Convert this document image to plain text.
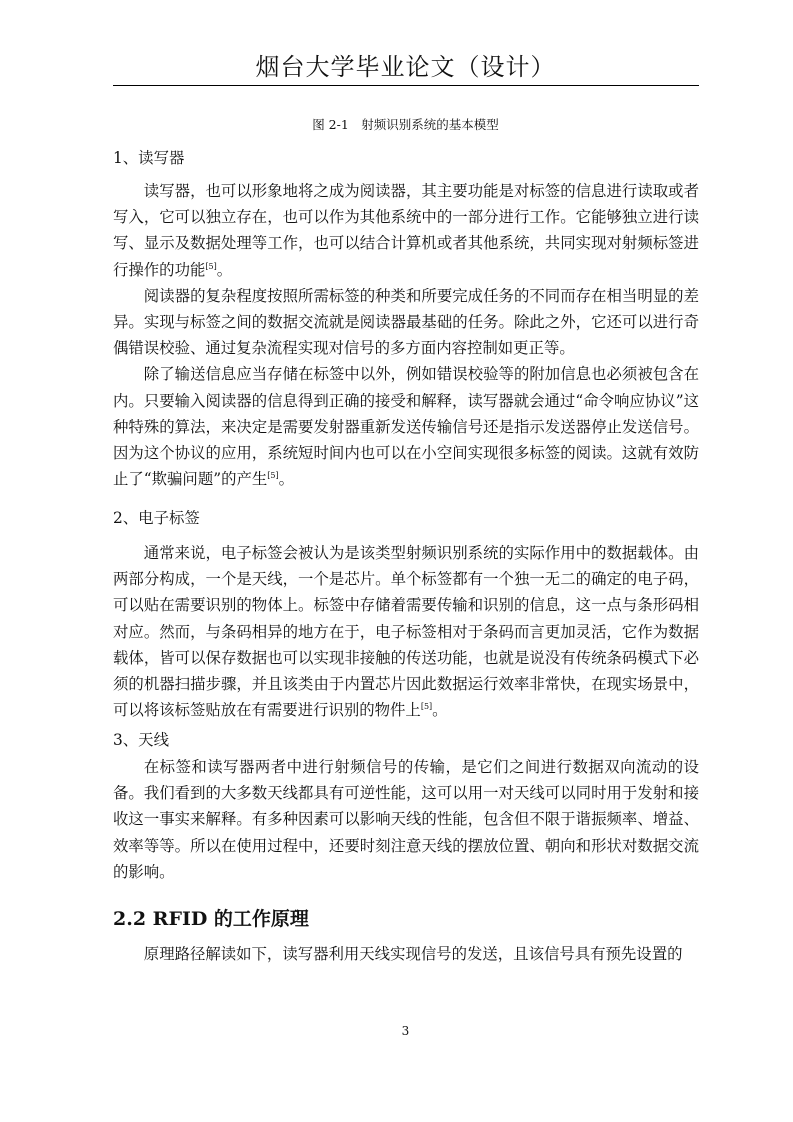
烟台大学毕业论文（设计）
图 2-1　射频识别系统的基本模型
1、读写器

读写器，也可以形象地将之成为阅读器，其主要功能是对标签的信息进行读取或者写入，它可以独立存在，也可以作为其他系统中的一部分进行工作。它能够独立进行读写、显示及数据处理等工作，也可以结合计算机或者其他系统，共同实现对射频标签进行操作的功能[5]。

阅读器的复杂程度按照所需标签的种类和所要完成任务的不同而存在相当明显的差异。实现与标签之间的数据交流就是阅读器最基础的任务。除此之外，它还可以进行奇偶错误校验、通过复杂流程实现对信号的多方面内容控制如更正等。

除了输送信息应当存储在标签中以外，例如错误校验等的附加信息也必须被包含在内。只要输入阅读器的信息得到正确的接受和解释，读写器就会通过“命令响应协议”这种特殊的算法，来决定是需要发射器重新发送传输信号还是指示发送器停止发送信号。因为这个协议的应用，系统短时间内也可以在小空间实现很多标签的阅读。这就有效防止了“欺骗问题”的产生[5]。

2、电子标签

通常来说，电子标签会被认为是该类型射频识别系统的实际作用中的数据载体。由两部分构成，一个是天线，一个是芯片。单个标签都有一个独一无二的确定的电子码，可以贴在需要识别的物体上。标签中存储着需要传输和识别的信息，这一点与条形码相对应。然而，与条码相异的地方在于，电子标签相对于条码而言更加灵活，它作为数据载体，皆可以保存数据也可以实现非接触的传送功能，也就是说没有传统条码模式下必须的机器扫描步骤，并且该类由于内置芯片因此数据运行效率非常快，在现实场景中，可以将该标签贴放在有需要进行识别的物件上[5]。

3、天线

在标签和读写器两者中进行射频信号的传输，是它们之间进行数据双向流动的设备。我们看到的大多数天线都具有可逆性能，这可以用一对天线可以同时用于发射和接收这一事实来解释。有多种因素可以影响天线的性能，包含但不限于谐振频率、增益、效率等等。所以在使用过程中，还要时刻注意天线的摆放位置、朝向和形状对数据交流的影响。

2.2 RFID 的工作原理

原理路径解读如下，读写器利用天线实现信号的发送，且该信号具有预先设置的

3
